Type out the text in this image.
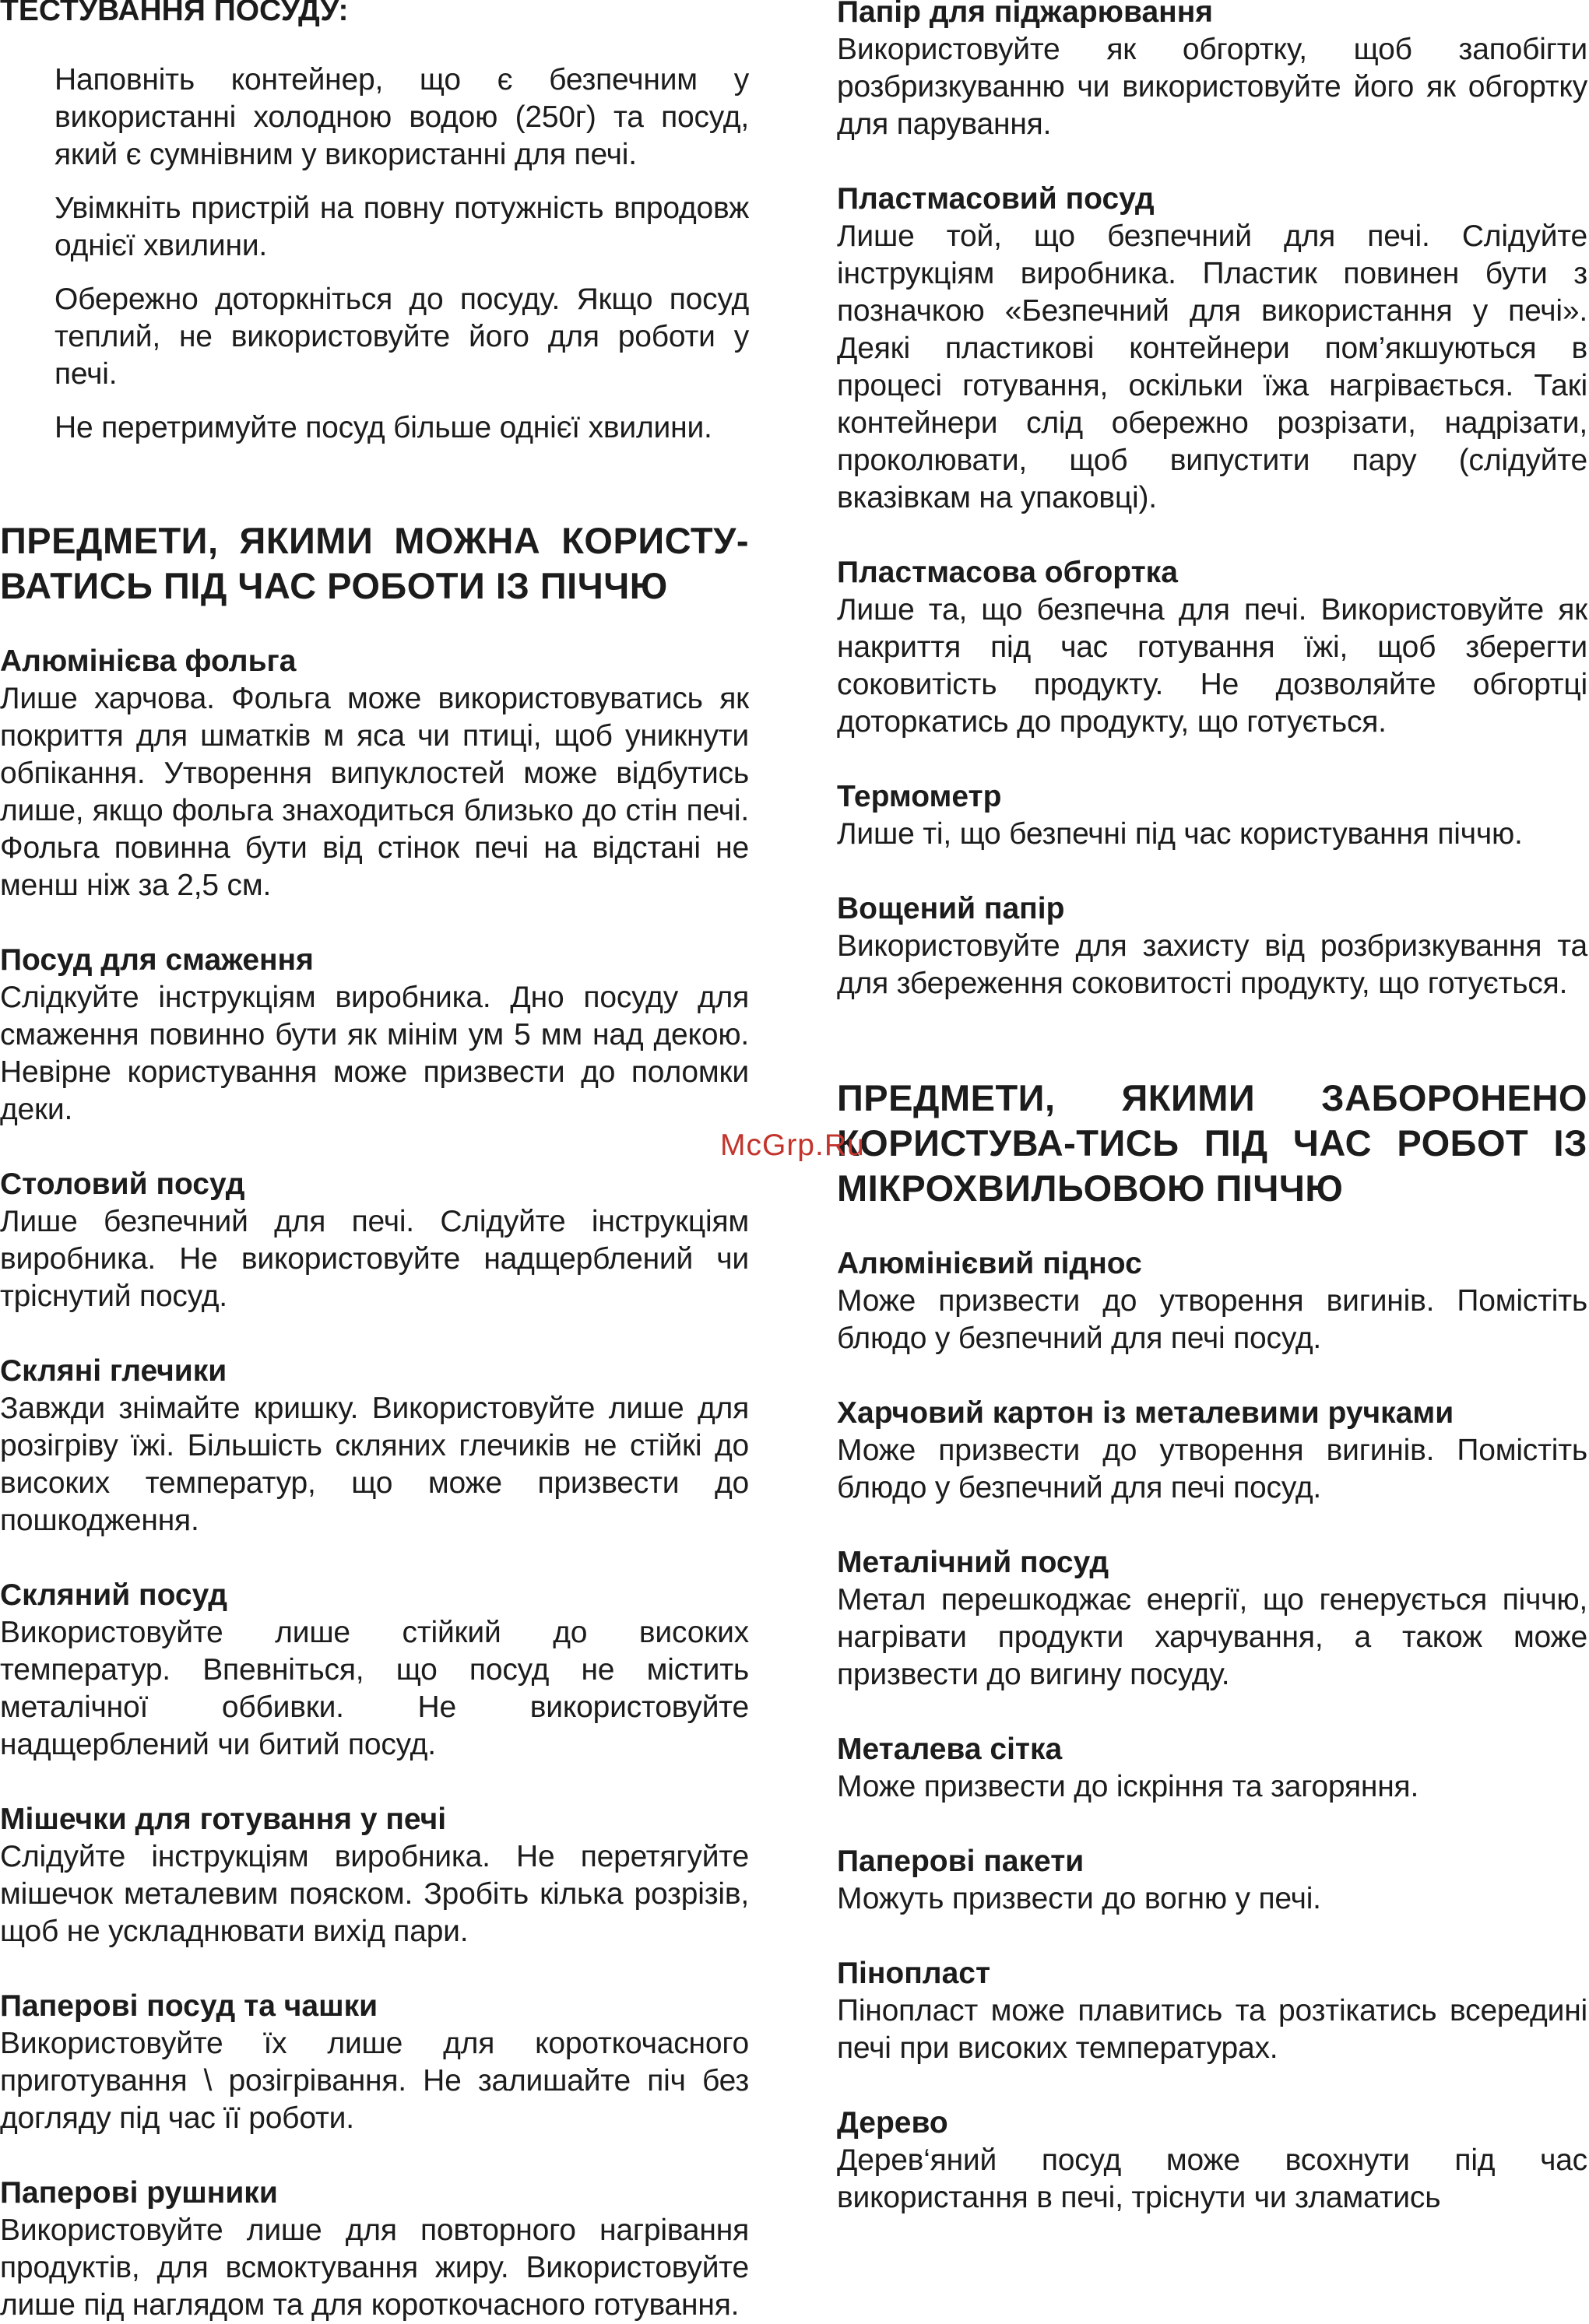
ТЕСТУВАННЯ ПОСУДУ:

Наповніть контейнер, що є безпечним у використанні холодною водою (250г) та посуд, який є сумнівним у використанні для печі.

Увімкніть пристрій на повну потужність впродовж однієї хвилини.

Обережно доторкніться до посуду. Якщо посуд теплий, не використовуйте його для роботи у печі.

Не перетримуйте посуд більше однієї хвилини.

ПРЕДМЕТИ, ЯКИМИ МОЖНА КОРИСТУ-ВАТИСЬ ПІД ЧАС РОБОТИ ІЗ ПІЧЧЮ

Алюмінієва фольга

Лише харчова. Фольга може використовуватись як покриття для шматків м яса чи птиці, щоб уникнути обпікання. Утворення випуклостей може відбутись лише, якщо фольга знаходиться близько до стін печі. Фольга повинна бути від стінок печі на відстані не менш ніж за 2,5 см.

Посуд для смаження

Слідкуйте інструкціям виробника. Дно посуду для смаження повинно бути як мінім ум 5 мм над декою. Невірне користування може призвести до поломки деки.

Столовий посуд

Лише безпечний для печі. Слідуйте інструкціям виробника. Не використовуйте надщерблений чи тріснутий посуд.

Скляні глечики

Завжди знімайте кришку. Використовуйте лише для розігріву їжі. Більшість скляних глечиків не стійкі до високих температур, що може призвести до пошкодження.

Скляний посуд

Використовуйте лише стійкий до високих температур. Впевніться, що посуд не містить металічної оббивки. Не використовуйте надщерблений чи битий посуд.

Мішечки для готування у печі

Слідуйте інструкціям виробника. Не перетягуйте мішечок металевим пояском. Зробіть кілька розрізів, щоб не ускладнювати вихід пари.

Паперові посуд та чашки

Використовуйте їх лише для короткочасного приготування \ розігрівання. Не залишайте піч без догляду під час її роботи.

Паперові рушники

Використовуйте лише для повторного нагрівання продуктів, для всмоктування жиру. Використовуйте лише під наглядом та для короткочасного готування.

Папір для піджарювання

Використовуйте як обгортку, щоб запобігти розбризкуванню чи використовуйте його як обгортку для парування.

Пластмасовий посуд

Лише той, що безпечний для печі. Слідуйте інструкціям виробника. Пластик повинен бути з позначкою «Безпечний для використання у печі». Деякі пластикові контейнери пом’якшуються в процесі готування, оскільки їжа нагрівається. Такі контейнери слід обережно розрізати, надрізати, проколювати, щоб випустити пару (слідуйте вказівкам на упаковці).

Пластмасова обгортка

Лише та, що безпечна для печі. Використовуйте як накриття під час готування їжі, щоб зберегти соковитість продукту. Не дозволяйте обгортці доторкатись до продукту, що готується.

Термометр

Лише ті, що безпечні під час користування піччю.

Вощений папір

Використовуйте для захисту від розбризкування та для збереження соковитості продукту, що готується.

ПРЕДМЕТИ, ЯКИМИ ЗАБОРОНЕНО КОРИСТУВА-ТИСЬ ПІД ЧАС РОБОТ ІЗ МІКРОХВИЛЬОВОЮ ПІЧЧЮ

Алюмінієвий піднос

Може призвести до утворення вигинів. Помістіть блюдо у безпечний для печі посуд.

Харчовий картон із металевими ручками

Може призвести до утворення вигинів. Помістіть блюдо у безпечний для печі посуд.

Металічний посуд

Метал перешкоджає енергії, що генерується піччю, нагрівати продукти харчування, а також може призвести до вигину посуду.

Металева сітка

Може призвести до іскріння та загоряння.

Паперові пакети

Можуть призвести до вогню у печі.

Пінопласт

Пінопласт може плавитись та розтікатись всередині печі при високих температурах.

Дерево

Дерев‘яний посуд може всохнути під час використання в печі, тріснути чи зламатись

McGrp.Ru
